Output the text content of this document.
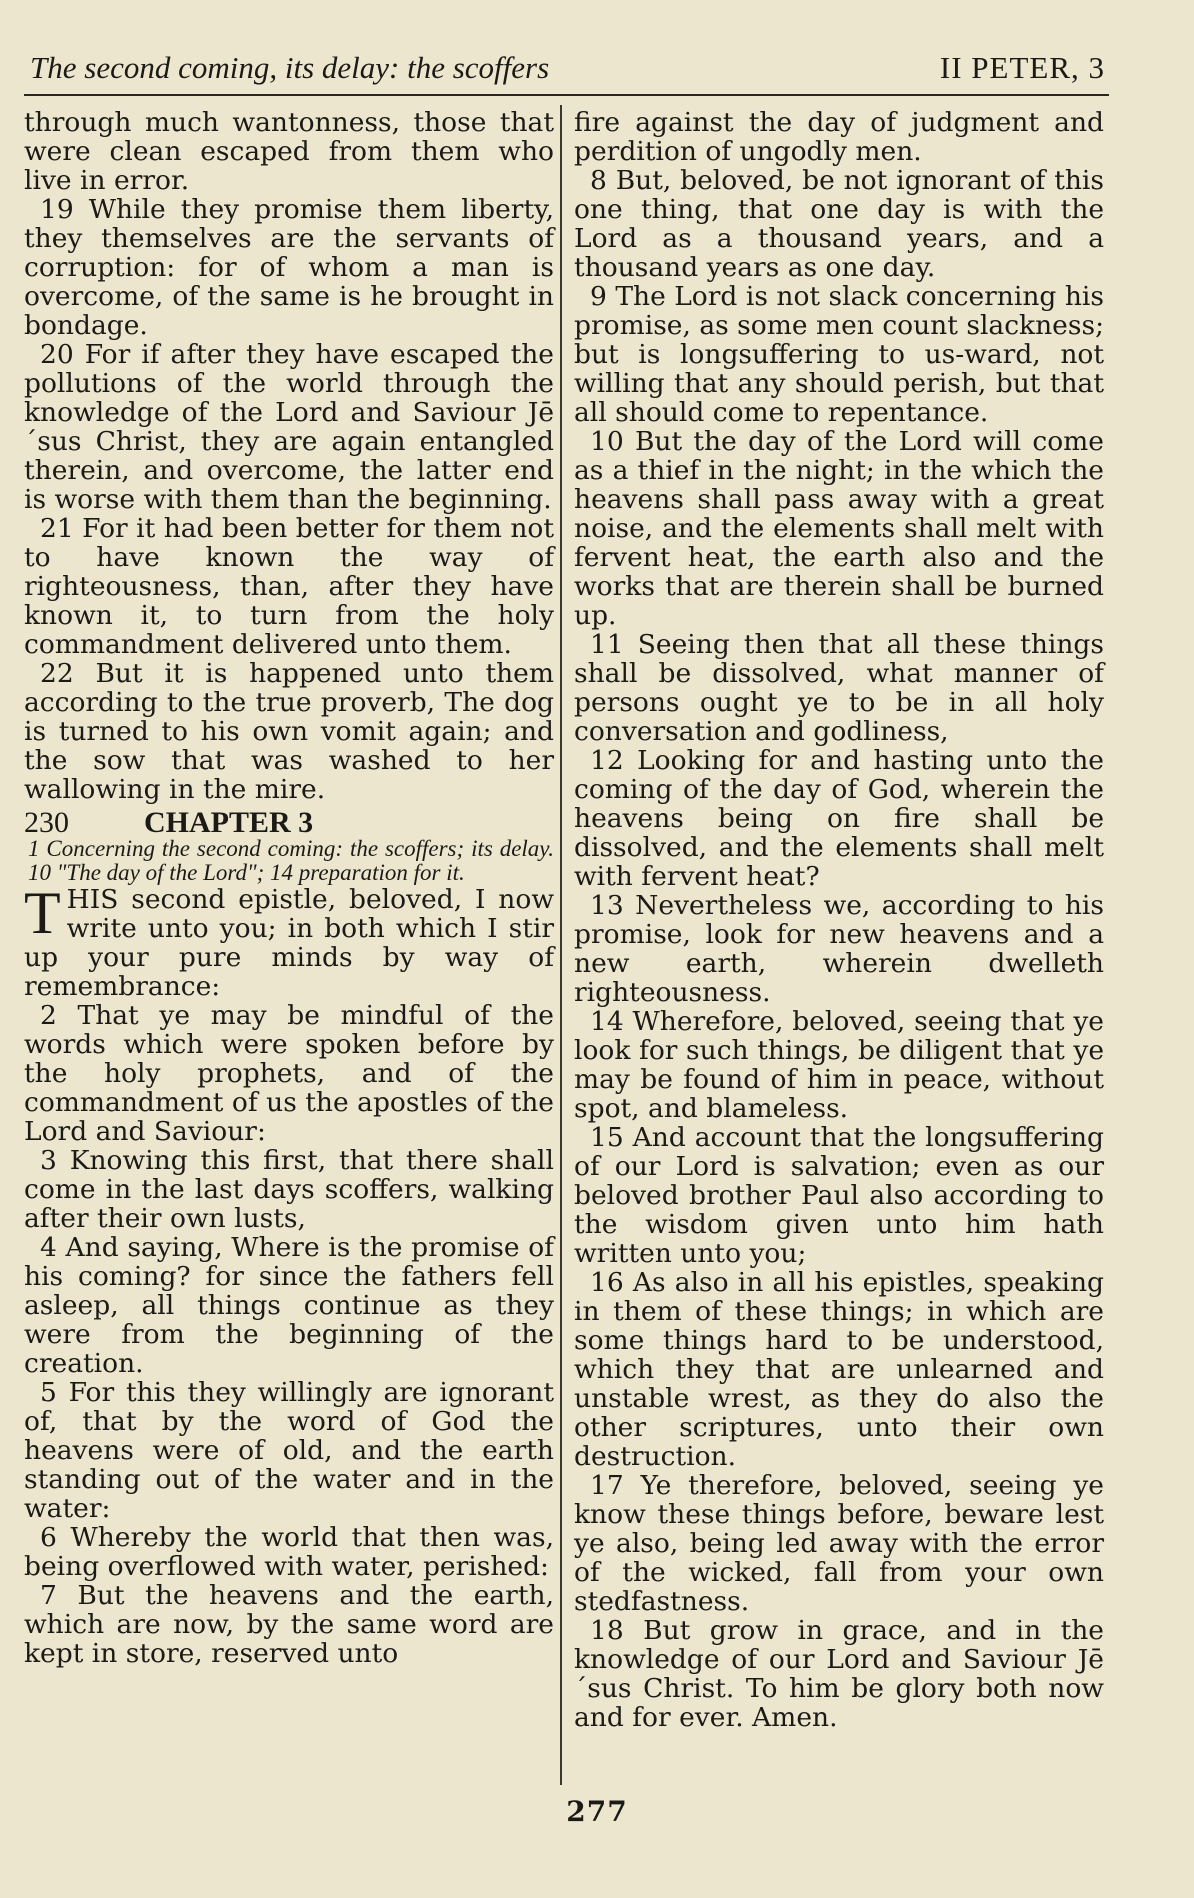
The second coming, its delay: the scoffers	II PETER, 3

through much wantonness, those that were clean escaped from them who live in error.

19 While they promise them liberty, they themselves are the servants of corruption: for of whom a man is overcome, of the same is he brought in bondage.

20 For if after they have escaped the pollutions of the world through the knowledge of the Lord and Saviour Jē´sus Christ, they are again entangled therein, and overcome, the latter end is worse with them than the beginning.

21 For it had been better for them not to have known the way of righteousness, than, after they have known it, to turn from the holy commandment delivered unto them.

22 But it is happened unto them according to the true proverb, The dog is turned to his own vomit again; and the sow that was washed to her wallowing in the mire.

230	CHAPTER 3

1 Concerning the second coming: the scoffers; its delay. 10 "The day of the Lord"; 14 preparation for it.

THIS second epistle, beloved, I now write unto you; in both which I stir up your pure minds by way of remembrance:

2 That ye may be mindful of the words which were spoken before by the holy prophets, and of the commandment of us the apostles of the Lord and Saviour:

3 Knowing this first, that there shall come in the last days scoffers, walking after their own lusts,

4 And saying, Where is the promise of his coming? for since the fathers fell asleep, all things continue as they were from the beginning of the creation.

5 For this they willingly are ignorant of, that by the word of God the heavens were of old, and the earth standing out of the water and in the water:

6 Whereby the world that then was, being overflowed with water, perished:

7 But the heavens and the earth, which are now, by the same word are kept in store, reserved unto

fire against the day of judgment and perdition of ungodly men.

8 But, beloved, be not ignorant of this one thing, that one day is with the Lord as a thousand years, and a thousand years as one day.

9 The Lord is not slack concerning his promise, as some men count slackness; but is longsuffering to us-ward, not willing that any should perish, but that all should come to repentance.

10 But the day of the Lord will come as a thief in the night; in the which the heavens shall pass away with a great noise, and the elements shall melt with fervent heat, the earth also and the works that are therein shall be burned up.

11 Seeing then that all these things shall be dissolved, what manner of persons ought ye to be in all holy conversation and godliness,

12 Looking for and hasting unto the coming of the day of God, wherein the heavens being on fire shall be dissolved, and the elements shall melt with fervent heat?

13 Nevertheless we, according to his promise, look for new heavens and a new earth, wherein dwelleth righteousness.

14 Wherefore, beloved, seeing that ye look for such things, be diligent that ye may be found of him in peace, without spot, and blameless.

15 And account that the longsuffering of our Lord is salvation; even as our beloved brother Paul also according to the wisdom given unto him hath written unto you;

16 As also in all his epistles, speaking in them of these things; in which are some things hard to be understood, which they that are unlearned and unstable wrest, as they do also the other scriptures, unto their own destruction.

17 Ye therefore, beloved, seeing ye know these things before, beware lest ye also, being led away with the error of the wicked, fall from your own stedfastness.

18 But grow in grace, and in the knowledge of our Lord and Saviour Jē´sus Christ. To him be glory both now and for ever. Amen.

277
